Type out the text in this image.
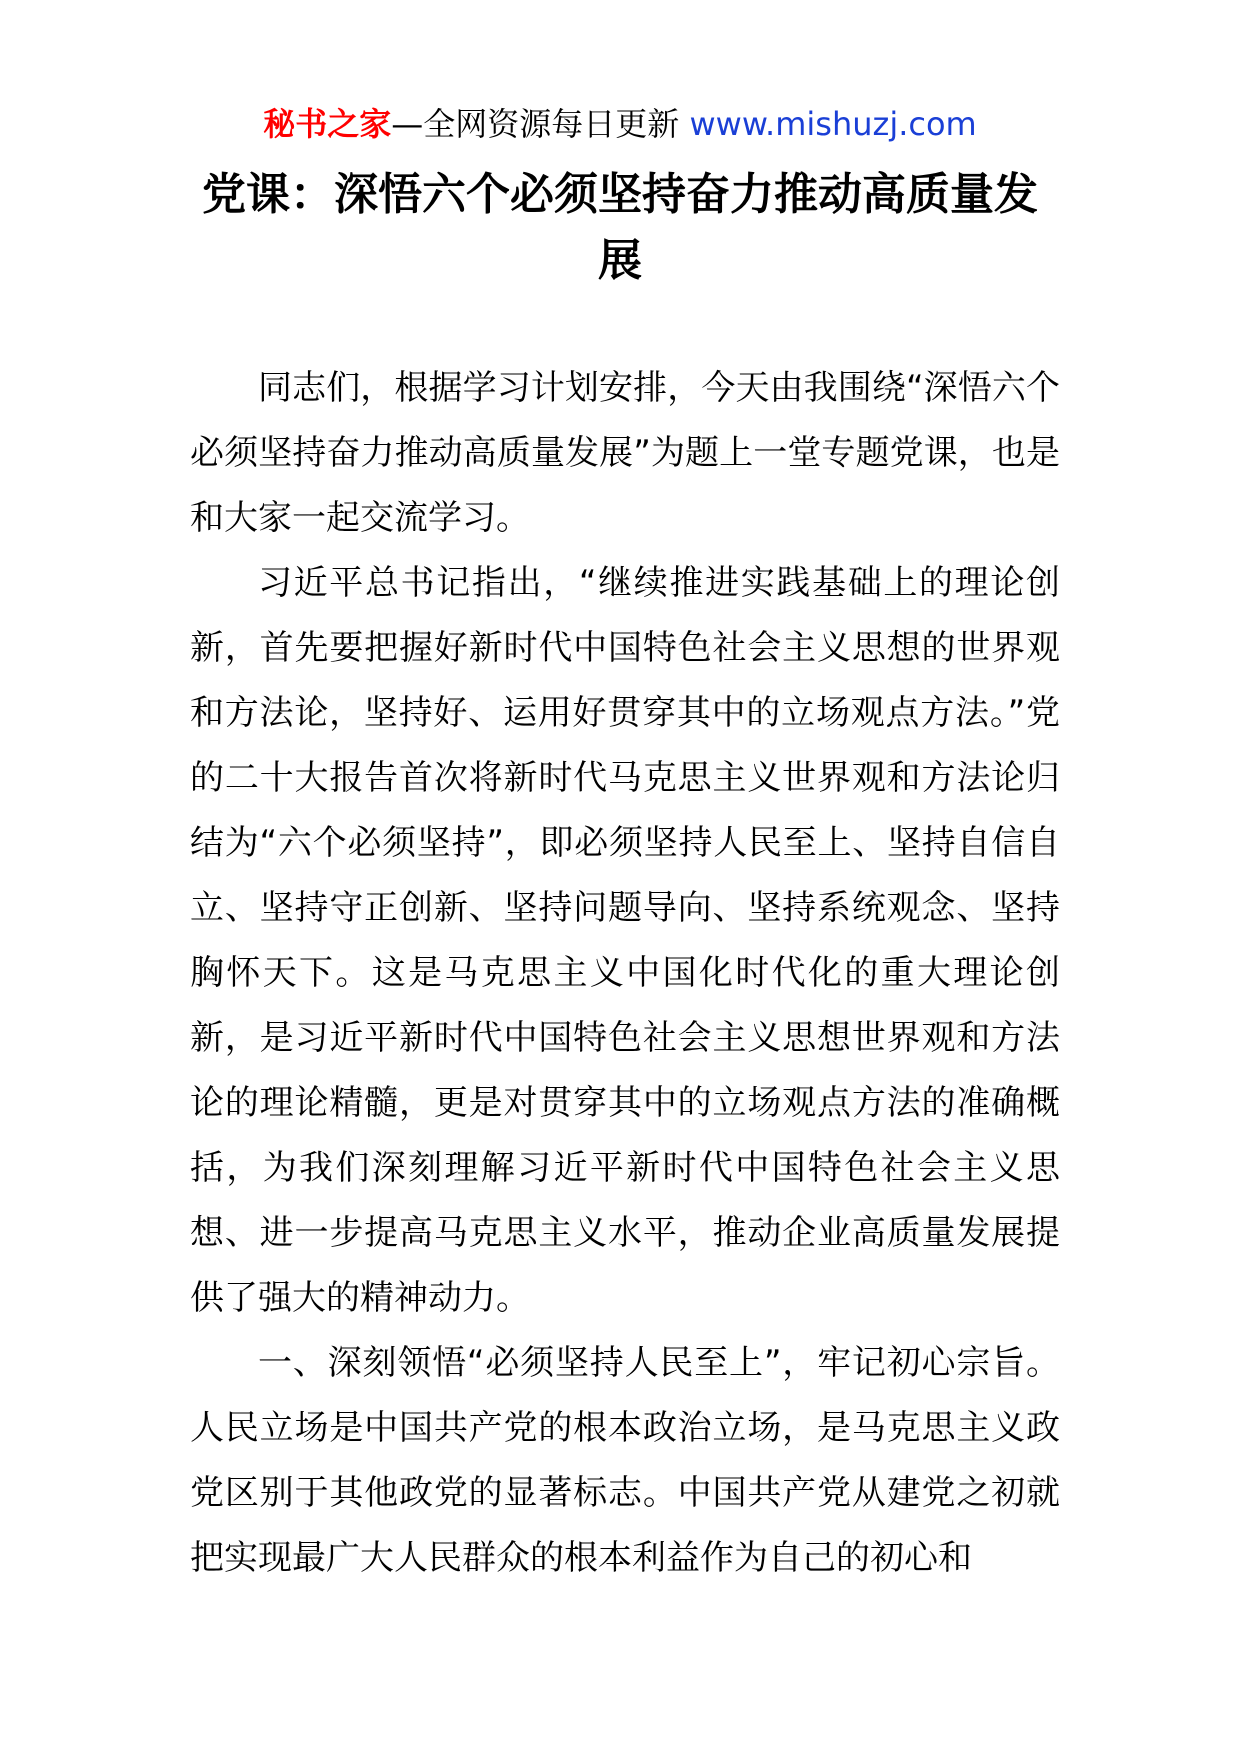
秘书之家—全网资源每日更新 www.mishuzj.com
党课：深悟六个必须坚持奋力推动高质量发展

同志们，根据学习计划安排，今天由我围绕“深悟六个必须坚持奋力推动高质量发展”为题上一堂专题党课，也是和大家一起交流学习。

习近平总书记指出，“继续推进实践基础上的理论创新，首先要把握好新时代中国特色社会主义思想的世界观和方法论，坚持好、运用好贯穿其中的立场观点方法。”党的二十大报告首次将新时代马克思主义世界观和方法论归结为“六个必须坚持”，即必须坚持人民至上、坚持自信自立、坚持守正创新、坚持问题导向、坚持系统观念、坚持胸怀天下。这是马克思主义中国化时代化的重大理论创新，是习近平新时代中国特色社会主义思想世界观和方法论的理论精髓，更是对贯穿其中的立场观点方法的准确概括，为我们深刻理解习近平新时代中国特色社会主义思想、进一步提高马克思主义水平，推动企业高质量发展提供了强大的精神动力。

一、深刻领悟“必须坚持人民至上”，牢记初心宗旨。人民立场是中国共产党的根本政治立场，是马克思主义政党区别于其他政党的显著标志。中国共产党从建党之初就把实现最广大人民群众的根本利益作为自己的初心和
